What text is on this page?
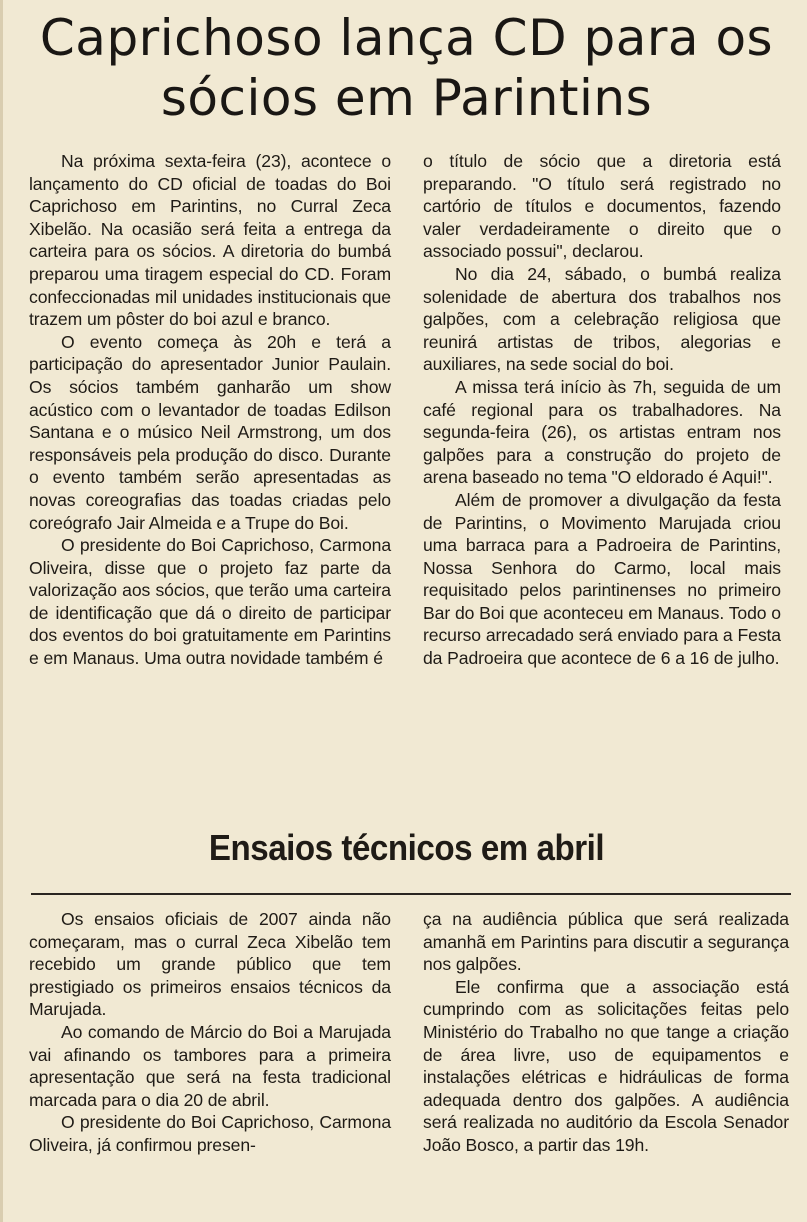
Caprichoso lança CD para os sócios em Parintins

Na próxima sexta-feira (23), acontece o lançamento do CD oficial de toadas do Boi Caprichoso em Parintins, no Curral Zeca Xibelão. Na ocasião será feita a entrega da carteira para os sócios. A diretoria do bumbá preparou uma tiragem especial do CD. Foram confeccionadas mil unidades institucionais que trazem um pôster do boi azul e branco.

O evento começa às 20h e terá a participação do apresentador Junior Paulain. Os sócios também ganharão um show acústico com o levantador de toadas Edilson Santana e o músico Neil Armstrong, um dos responsáveis pela produção do disco. Durante o evento também serão apresentadas as novas coreografias das toadas criadas pelo coreógrafo Jair Almeida e a Trupe do Boi.

O presidente do Boi Caprichoso, Carmona Oliveira, disse que o projeto faz parte da valorização aos sócios, que terão uma carteira de identificação que dá o direito de participar dos eventos do boi gratuitamente em Parintins e em Manaus. Uma outra novidade também é

o título de sócio que a diretoria está preparando. "O título será registrado no cartório de títulos e documentos, fazendo valer verdadeiramente o direito que o associado possui", declarou.

No dia 24, sábado, o bumbá realiza solenidade de abertura dos trabalhos nos galpões, com a celebração religiosa que reunirá artistas de tribos, alegorias e auxiliares, na sede social do boi.

A missa terá início às 7h, seguida de um café regional para os trabalhadores. Na segunda-feira (26), os artistas entram nos galpões para a construção do projeto de arena baseado no tema "O eldorado é Aqui!".

Além de promover a divulgação da festa de Parintins, o Movimento Marujada criou uma barraca para a Padroeira de Parintins, Nossa Senhora do Carmo, local mais requisitado pelos parintinenses no primeiro Bar do Boi que aconteceu em Manaus. Todo o recurso arrecadado será enviado para a Festa da Padroeira que acontece de 6 a 16 de julho.

Ensaios técnicos em abril

Os ensaios oficiais de 2007 ainda não começaram, mas o curral Zeca Xibelão tem recebido um grande público que tem prestigiado os primeiros ensaios técnicos da Marujada.

Ao comando de Márcio do Boi a Marujada vai afinando os tambores para a primeira apresentação que será na festa tradicional marcada para o dia 20 de abril.

O presidente do Boi Caprichoso, Carmona Oliveira, já confirmou presen-

ça na audiência pública que será realizada amanhã em Parintins para discutir a segurança nos galpões.

Ele confirma que a associação está cumprindo com as solicitações feitas pelo Ministério do Trabalho no que tange a criação de área livre, uso de equipamentos e instalações elétricas e hidráulicas de forma adequada dentro dos galpões. A audiência será realizada no auditório da Escola Senador João Bosco, a partir das 19h.
